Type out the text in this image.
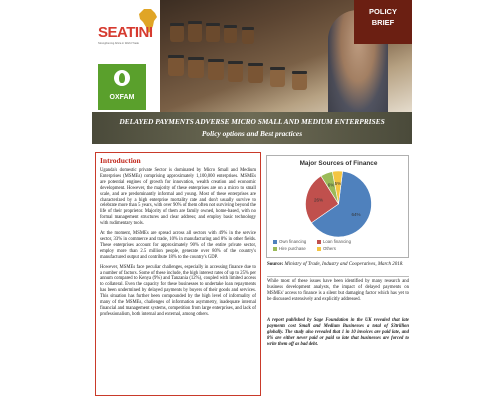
SEATINI
Strengthening Africa in World Trade
OXFAM
POLICY
BRIEF
DELAYED PAYMENTS ADVERSE MICRO SMALL AND MEDIUM ENTERPRISES
Policy options and Best practices
Introduction

Uganda's domestic private Sector is dominated by Micro Small and Medium Enterprises (MSMEs) comprising approximately 1,100,000 enterprises. MSMEs are potential engines of growth for innovation, wealth creation and economic development. However, the majority of these enterprises are on a micro to small scale, and are predominantly informal and young. Most of these enterprises are characterized by a high enterprise mortality rate and don't usually survive to celebrate more than 5 years, with over 90% of them often not surviving beyond the life of their proprietor. Majority of them are family owned, home-based, with no formal management structures and clear address; and employ basic technology with rudimentary tools.

At the moment, MSMEs are spread across all sectors with 49% in the service sector, 33% in commerce and trade, 10% in manufacturing and 8% in other fields. These enterprises account for approximately 90% of the entire private sector, employ more than 2.5 million people, generate over 80% of the country's manufactured output and contribute 18% to the country's GDP.

However, MSMEs face peculiar challenges, especially in accessing finance due to a number of factors. Some of these include, the high interest rates of up to 25% per annum compared to Kenya (9%) and Tanzania (12%), coupled with limited access to collateral. Even the capacity for these businesses to undertake loan repayments has been undermined by delayed payments by buyers of their goods and services. This situation has further been compounded by the high level of informality of many of the MSMEs, challenges of information asymmetry, inadequate internal financial and management systems, competition from large enterprises, and lack of professionalism, both internal and external, among others.

Major Sources of Finance
64%
26%
6% 5%
Own financing	Loan financing
Hire purchase	Others
Source: Ministry of Trade, Industry and Cooperatives, March 2018.

While most of these issues have been identified by many research and business development analysts, the impact of delayed payments on MSMEs' access to finance is a silent but damaging factor which has yet to be discussed extensively and explicitly addressed.

A report published by Sage Foundation in the UK revealed that late payments cost Small and Medium Businesses a total of $3trillion globally. The study also revealed that 1 in 10 invoices are paid late, and 8% are either never paid or paid so late that businesses are forced to write them off as bad debt.
